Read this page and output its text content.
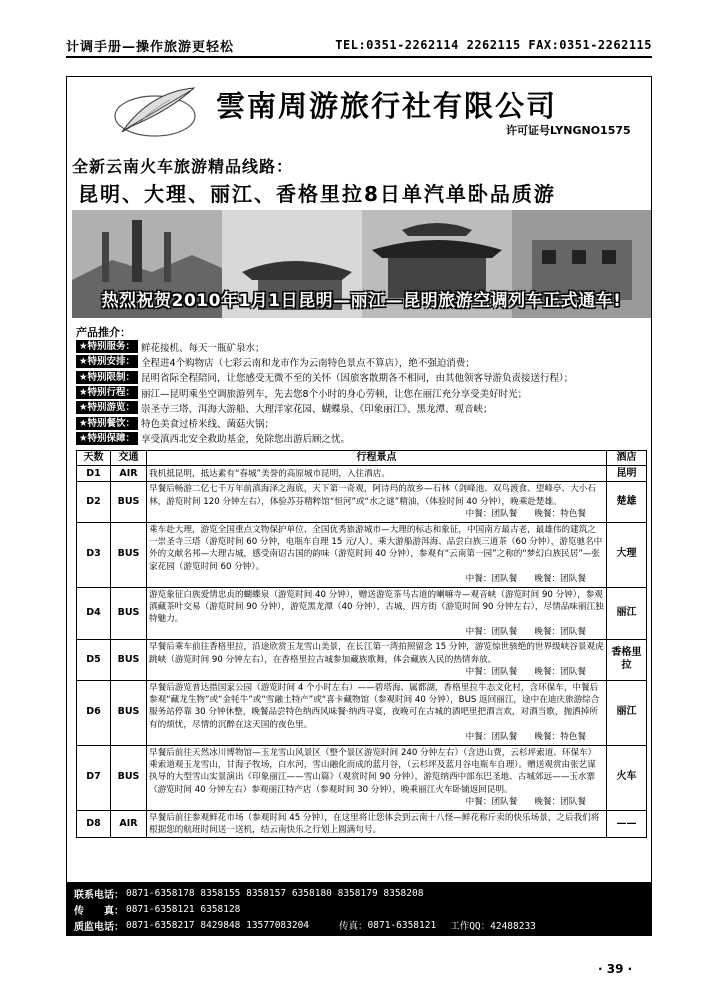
计调手册—操作旅游更轻松	TEL:0351-2262114 2262115 FAX:0351-2262115
雲南周游旅行社有限公司
许可证号LYNGNO1575
全新云南火车旅游精品线路：
昆明、大理、丽江、香格里拉8日单汽单卧品质游
热烈祝贺2010年1月1日昆明—丽江—昆明旅游空调列车正式通车!
产品推介：
★特别服务： 鲜花接机、每天一瓶矿泉水；
★特别安排： 全程进4个购物店（七彩云南和龙市作为云南特色景点不算店），绝不强迫消费；
★特别限制： 昆明省际全程陪同，让您感受无微不至的关怀（因旅客散期各不相同，由其他领客导游负责接送行程）；
★特别行程： 丽江—昆明乘坐空调旅游列车，先去您8个小时的身心劳顿，让您在丽江充分享受美好时光；
★特别游览： 崇圣寺三塔、洱海大游船、大理洋家花园、蝴蝶泉、《印象丽江》、黑龙潭、观音峡；
★特别餐饮： 特色美食过桥米线、菌菇火锅；
★特别保障： 享受滇西北安全救助基金，免除您出游后顾之忧。
天数	交通	行程景点	酒店
D1	AIR	我机抵昆明，抵达素有“春城”美誉的高原城市昆明，入住酒店。	昆明
D2	BUS	早餐后畅游二亿七千万年前滇海泽之海底，天下第一奇观，阿诗玛的故乡—石林（剑峰池、双鸟渡食、望峰亭、大小石林，游览时间 120 分钟左右），体验苏芬精粹馆“恒河”或“水之谜”精油，（体验时间 40 分钟），晚乘赴楚雄。
中餐：团队餐　　晚餐：特色餐	楚雄
D3	BUS	乘车赴大理，游览全国重点文物保护单位、全国优秀旅游城市—大理的标志和象征，中国南方最古老，最雄伟的建筑之一崇圣寺三塔（游览时间 60 分钟，电瓶车自理 15 元/人），乘大游船游洱海、品尝白族三道茶（60 分钟），游览驰名中外的文献名邦—大理古城，感受南诏古国的韵味（游览时间 40 分钟），参观有“云南第一园”之称的“梦幻白族民居”—张家花园（游览时间 60 分钟）。
中餐：团队餐　　晚餐：团队餐	大理
D4	BUS	游览象征白族爱情忠贞的蝴蝶泉（游览时间 40 分钟），赠送游览茶马古道的喇嘛寺—观音峡（游览时间 90 分钟），参观滇藏茶叶交易（游览时间 90 分钟），游览黑龙潭（40 分钟），古城，四方街（游览时间 90 分钟左右），尽情品味丽江独特魅力。
中餐：团队餐　　晚餐：团队餐	丽江
D5	BUS	早餐后乘车前往香格里拉，沿途欣赏玉龙雪山美景，在长江第一湾拍照留念 15 分钟，游览惊世骇绝的世界级峡谷景观虎跳峡（游览时间 90 分钟左右），在香格里拉古城参加藏族歌舞，体会藏族人民的热情奔放。
中餐：团队餐　　晚餐：团队餐	香格里拉
D6	BUS	早餐后游览普达措国家公园（游览时间 4 个小时左右）——碧塔海、属都湖，香格里拉牛态文化村，含环保车，中餐后参观“藏龙生物”或“金牦牛”或“雪融土特产”或“喜卡藏物馆（参观时间 40 分钟），BUS 返回丽江，途中在迪庆旅游综合服务站停靠 30 分钟休整，晚餐品尝特色纳西风味餐·纳西寻宴，夜晚可在古城的酒吧里把酒言欢，对酒当歌，抛洒掉所有的烦忧，尽情的沉醉在这天国的夜色里。
中餐：团队餐　　晚餐：特色餐	丽江
D7	BUS	早餐后前往天然冰川博物馆—玉龙雪山风景区（整个景区游览时间 240 分钟左右）（含进山费，云杉坪索道、环保车）乘索道观玉龙雪山，甘海子牧场，白水河，雪山融化而成的蓝月谷，（云杉坪及蓝月谷电瓶车自理）。赠送观赏由张艺谋执导的大型雪山实景演出《印象丽江——雪山篇》（观赏时间 90 分钟），游览纳西中部东巴圣地、古城郊远——玉水寨（游览时间 40 分钟左右）参观丽江特产店（参观时间 30 分钟），晚乘丽江火车卧铺返回昆明。
中餐：团队餐　　晚餐：团队餐	火车
D8	AIR	早餐后前往参观鲜花市场（参观时间 45 分钟），在这里将让您体会到云南十八怪—鲜花称斤卖的快乐场景，之后我们将根据您的航班时间送一送机，结云南快乐之行划上圆满句号。	——
联系电话： 0871-6358178 8358155 8358157 6358180 8358179 8358208
传　　真： 0871-6358121 6358128
质监电话： 0871-6358217 8429848 13577083204	传真： 0871-6358121 工作QQ：42488233
· 39 ·
